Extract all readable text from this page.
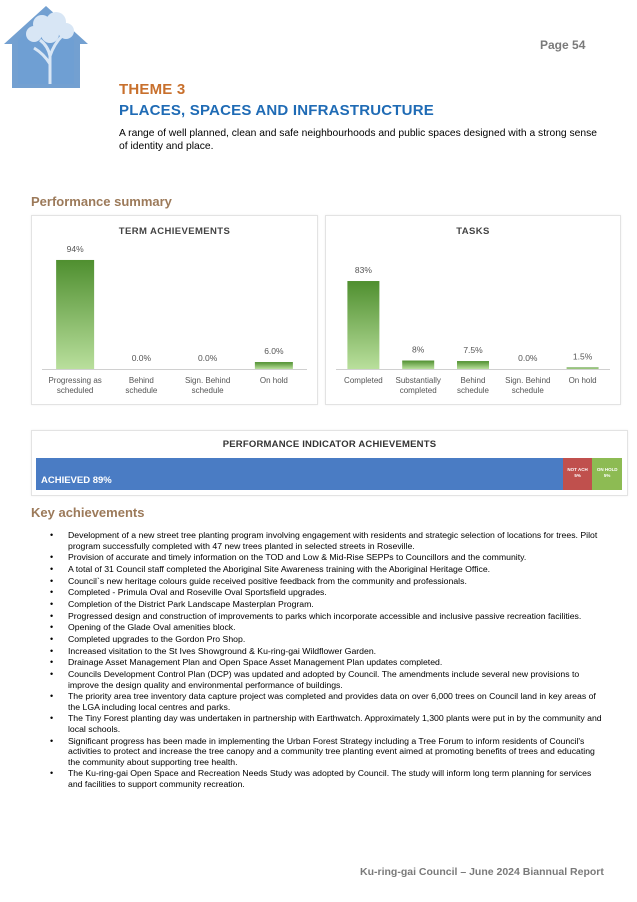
Page 54
THEME 3
PLACES, SPACES AND INFRASTRUCTURE
A range of well planned, clean and safe neighbourhoods and public spaces designed with a strong sense of identity and place.
Performance summary
TERM ACHIEVEMENTS
94%
Progressing as
scheduled
0.0%
Behind
schedule
0.0%
Sign. Behind
schedule
6.0%
On hold
TASKS
83%
Completed
8%
Substantially
completed
7.5%
Behind
schedule
0.0%
Sign. Behind
schedule
1.5%
On hold
PERFORMANCE INDICATOR ACHIEVEMENTS
ACHIEVED 89%
NOT ACH
5%
ON HOLD
5%
Key achievements
• Development of a new street tree planting program involving engagement with residents and strategic selection of locations for trees. Pilot program successfully completed with 47 new trees planted in selected streets in Roseville.
• Provision of accurate and timely information on the TOD and Low & Mid-Rise SEPPs to Councillors and the community.
• A total of 31 Council staff completed the Aboriginal Site Awareness training with the Aboriginal Heritage Office.
• Council`s new heritage colours guide received positive feedback from the community and professionals.
• Completed - Primula Oval and Roseville Oval Sportsfield upgrades.
• Completion of the District Park Landscape Masterplan Program.
• Progressed design and construction of improvements to parks which incorporate accessible and inclusive passive recreation facilities.
• Opening of the Glade Oval amenities block.
• Completed upgrades to the Gordon Pro Shop.
• Increased visitation to the St Ives Showground & Ku-ring-gai Wildflower Garden.
• Drainage Asset Management Plan and Open Space Asset Management Plan updates completed.
• Councils Development Control Plan (DCP) was updated and adopted by Council. The amendments include several new provisions to improve the design quality and environmental performance of buildings.
• The priority area tree inventory data capture project was completed and provides data on over 6,000 trees on Council land in key areas of the LGA including local centres and parks.
• The Tiny Forest planting day was undertaken in partnership with Earthwatch. Approximately 1,300 plants were put in by the community and local schools.
• Significant progress has been made in implementing the Urban Forest Strategy including a Tree Forum to inform residents of Council's activities to protect and increase the tree canopy and a community tree planting event aimed at promoting benefits of trees and educating the community about supporting tree health.
• The Ku-ring-gai Open Space and Recreation Needs Study was adopted by Council. The study will inform long term planning for services and facilities to support community recreation.
Ku-ring-gai Council – June 2024 Biannual Report
